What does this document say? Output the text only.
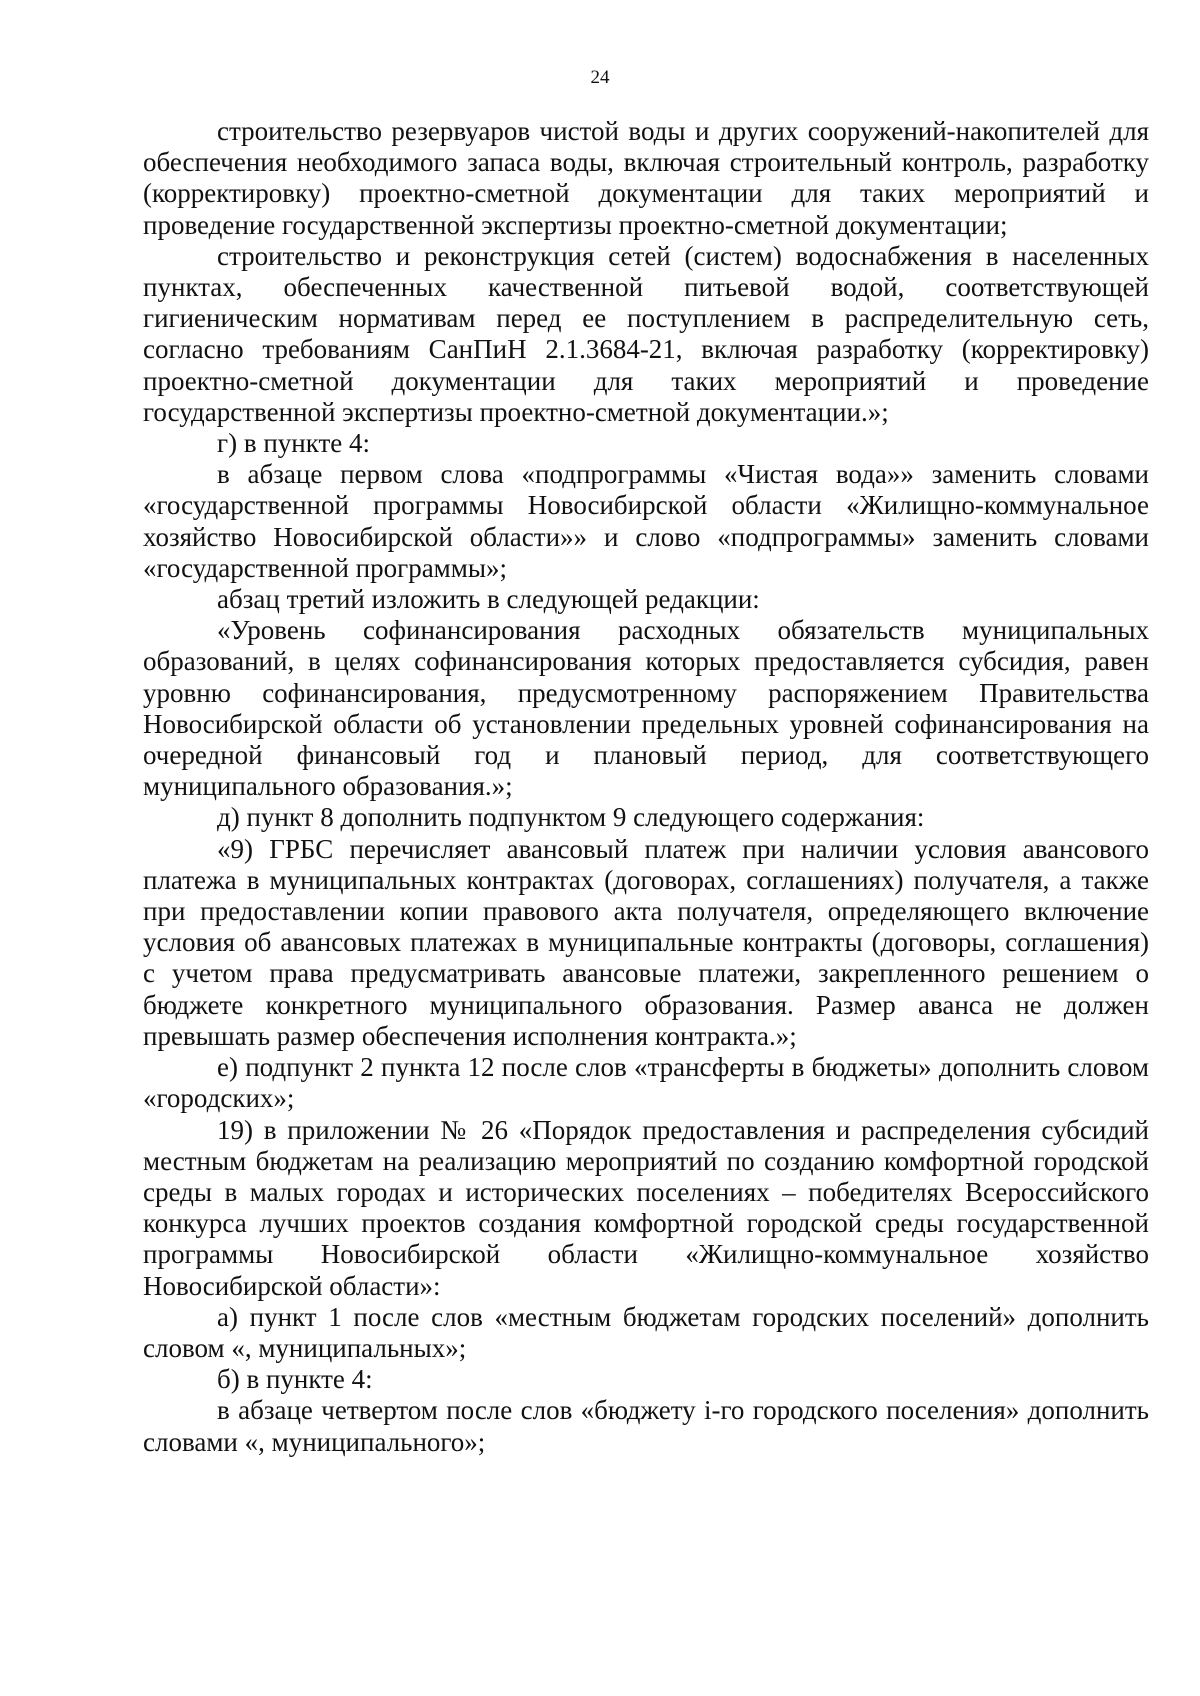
24

строительство резервуаров чистой воды и других сооружений-накопителей для обеспечения необходимого запаса воды, включая строительный контроль, разработку (корректировку) проектно-сметной документации для таких мероприятий и проведение государственной экспертизы проектно-сметной документации;

строительство и реконструкция сетей (систем) водоснабжения в населенных пунктах, обеспеченных качественной питьевой водой, соответствующей гигиеническим нормативам перед ее поступлением в распределительную сеть, согласно требованиям СанПиН 2.1.3684-21, включая разработку (корректировку) проектно-сметной документации для таких мероприятий и проведение государственной экспертизы проектно-сметной документации.»;

г) в пункте 4:

в абзаце первом слова «подпрограммы «Чистая вода»» заменить словами «государственной программы Новосибирской области «Жилищно-коммунальное хозяйство Новосибирской области»» и слово «подпрограммы» заменить словами «государственной программы»;

абзац третий изложить в следующей редакции:

«Уровень софинансирования расходных обязательств муниципальных образований, в целях софинансирования которых предоставляется субсидия, равен уровню софинансирования, предусмотренному распоряжением Правительства Новосибирской области об установлении предельных уровней софинансирования на очередной финансовый год и плановый период, для соответствующего муниципального образования.»;

д) пункт 8 дополнить подпунктом 9 следующего содержания:

«9) ГРБС перечисляет авансовый платеж при наличии условия авансового платежа в муниципальных контрактах (договорах, соглашениях) получателя, а также при предоставлении копии правового акта получателя, определяющего включение условия об авансовых платежах в муниципальные контракты (договоры, соглашения) с учетом права предусматривать авансовые платежи, закрепленного решением о бюджете конкретного муниципального образования. Размер аванса не должен превышать размер обеспечения исполнения контракта.»;

е) подпункт 2 пункта 12 после слов «трансферты в бюджеты» дополнить словом «городских»;

19) в приложении № 26 «Порядок предоставления и распределения субсидий местным бюджетам на реализацию мероприятий по созданию комфортной городской среды в малых городах и исторических поселениях – победителях Всероссийского конкурса лучших проектов создания комфортной городской среды государственной программы Новосибирской области «Жилищно-коммунальное хозяйство Новосибирской области»:

а) пункт 1 после слов «местным бюджетам городских поселений» дополнить словом «, муниципальных»;

б) в пункте 4:

в абзаце четвертом после слов «бюджету i-го городского поселения» дополнить словами «, муниципального»;
